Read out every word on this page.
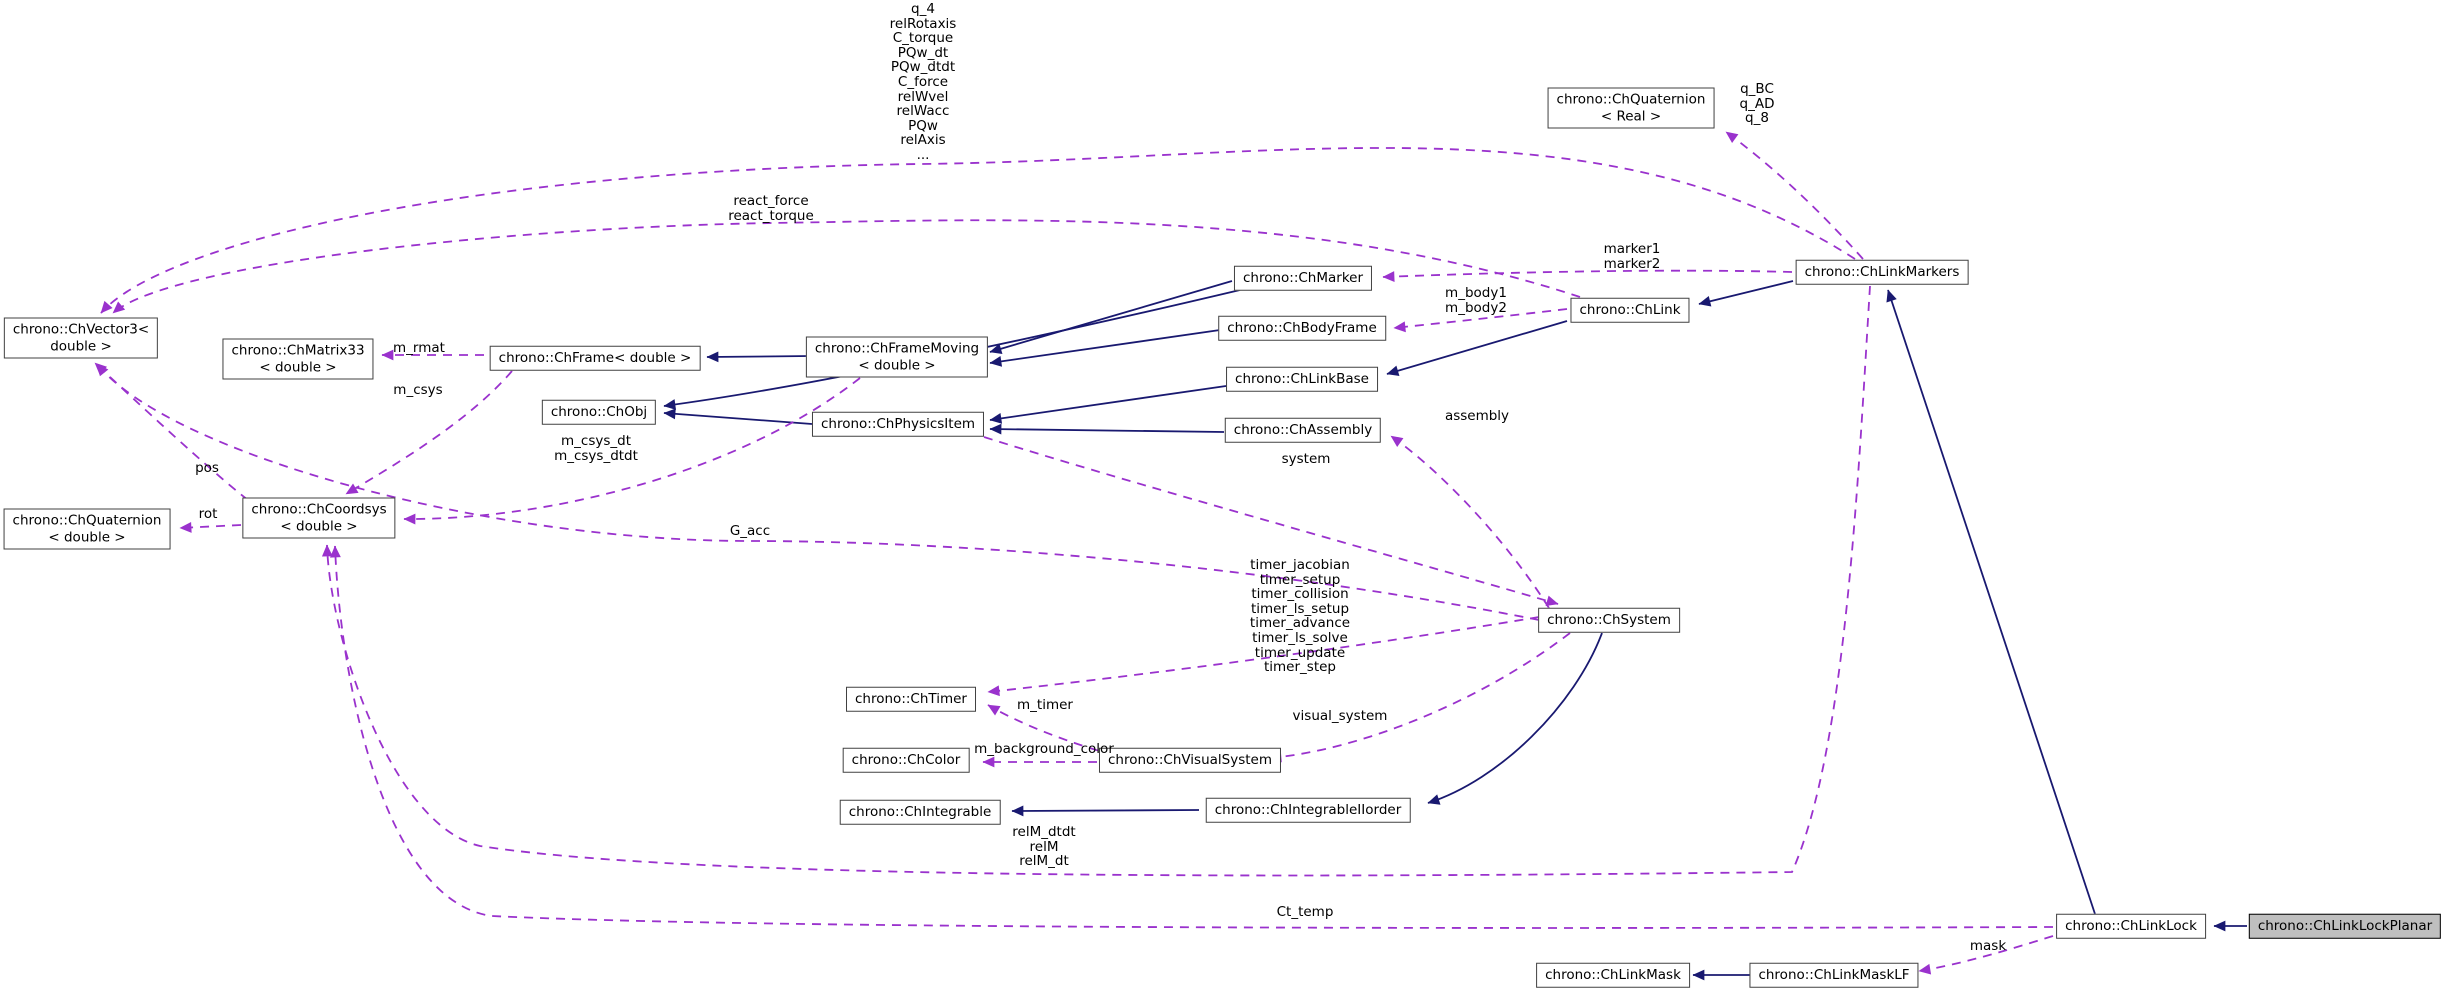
chrono::ChVector3<
double >	chrono::ChMatrix33
< double >
chrono::ChFrame< double >
chrono::ChFrameMoving
< double >
chrono::ChObj
chrono::ChPhysicsItem
chrono::ChMarker
chrono::ChBodyFrame
chrono::ChLinkBase
chrono::ChAssembly
chrono::ChQuaternion
< Real >
chrono::ChLinkMarkers
chrono::ChLink
chrono::ChQuaternion
< double >
chrono::ChCoordsys
< double >
chrono::ChSystem
chrono::ChTimer
chrono::ChColor	chrono::ChVisualSystem
chrono::ChIntegrable	chrono::ChIntegrableIIorder
chrono::ChLinkLock	chrono::ChLinkLockPlanar
chrono::ChLinkMask	chrono::ChLinkMaskLF
q_4
relRotaxis
C_torque
PQw_dt
PQw_dtdt
C_force
relWvel
relWacc
PQw
relAxis
...
react_force
react_torque
q_BC
q_AD
q_8
marker1
marker2
m_body1
m_body2
m_rmat
m_csys
m_csys_dt
m_csys_dtdt
pos
rot
G_acc
timer_jacobian
timer_setup
timer_collision
timer_ls_setup
timer_advance
timer_ls_solve
timer_update
timer_step
system
assembly
m_timer
m_background_color
visual_system
relM_dtdt
relM
relM_dt
Ct_temp
mask
